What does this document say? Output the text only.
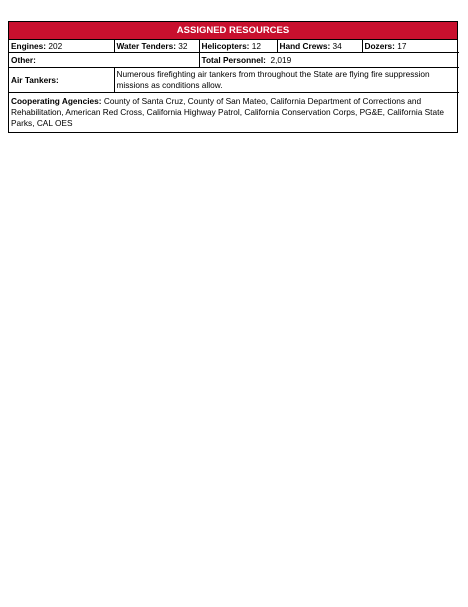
ASSIGNED RESOURCES
Engines: 202	Water Tenders: 32	Helicopters: 12	Hand Crews: 34	Dozers: 17
Other:		Total Personnel: 2,019		
Air Tankers:	Numerous firefighting air tankers from throughout the State are flying fire suppression missions as conditions allow.			
Cooperating Agencies: County of Santa Cruz, County of San Mateo, California Department of Corrections and Rehabilitation, American Red Cross, California Highway Patrol, California Conservation Corps, PG&E, California State Parks, CAL OES				
